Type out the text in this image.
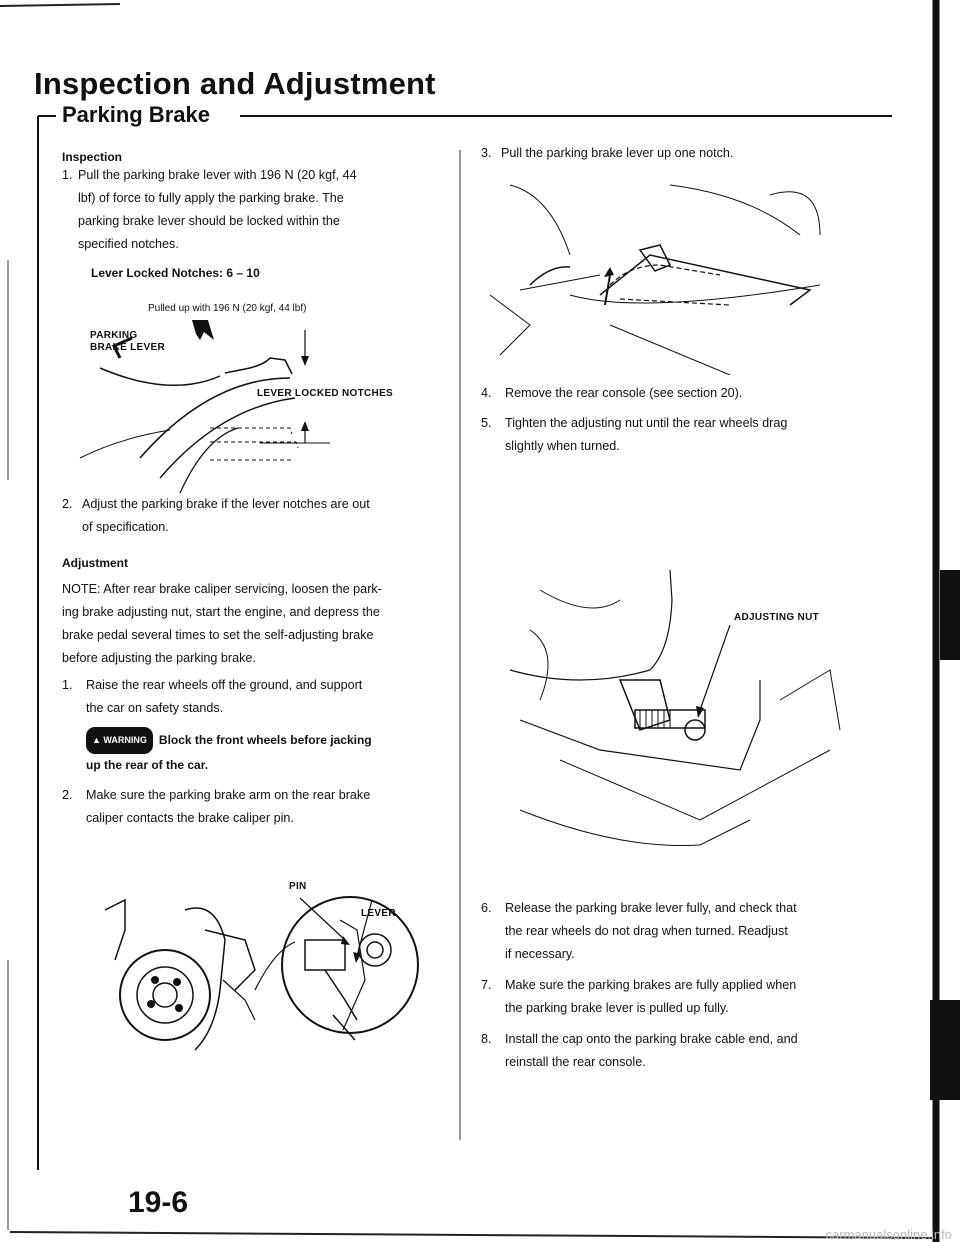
Inspection and Adjustment
Parking Brake
Inspection
1. Pull the parking brake lever with 196 N (20 kgf, 44
lbf) of force to fully apply the parking brake. The
parking brake lever should be locked within the
specified notches.
Lever Locked Notches: 6 – 10
Pulled up with 196 N (20 kgf, 44 lbf)
PARKING
BRAKE LEVER
LEVER LOCKED NOTCHES
2. Adjust the parking brake if the lever notches are out
of specification.
Adjustment
NOTE: After rear brake caliper servicing, loosen the park-
ing brake adjusting nut, start the engine, and depress the
brake pedal several times to set the self-adjusting brake
before adjusting the parking brake.
1. Raise the rear wheels off the ground, and support
the car on safety stands.
▲ WARNING Block the front wheels before jacking
up the rear of the car.
2. Make sure the parking brake arm on the rear brake
caliper contacts the brake caliper pin.
PIN
LEVER
3. Pull the parking brake lever up one notch.
4. Remove the rear console (see section 20).
5. Tighten the adjusting nut until the rear wheels drag
slightly when turned.
ADJUSTING NUT
6. Release the parking brake lever fully, and check that
the rear wheels do not drag when turned. Readjust
if necessary.
7. Make sure the parking brakes are fully applied when
the parking brake lever is pulled up fully.
8. Install the cap onto the parking brake cable end, and
reinstall the rear console.
19-6
carmanualsonline.info
